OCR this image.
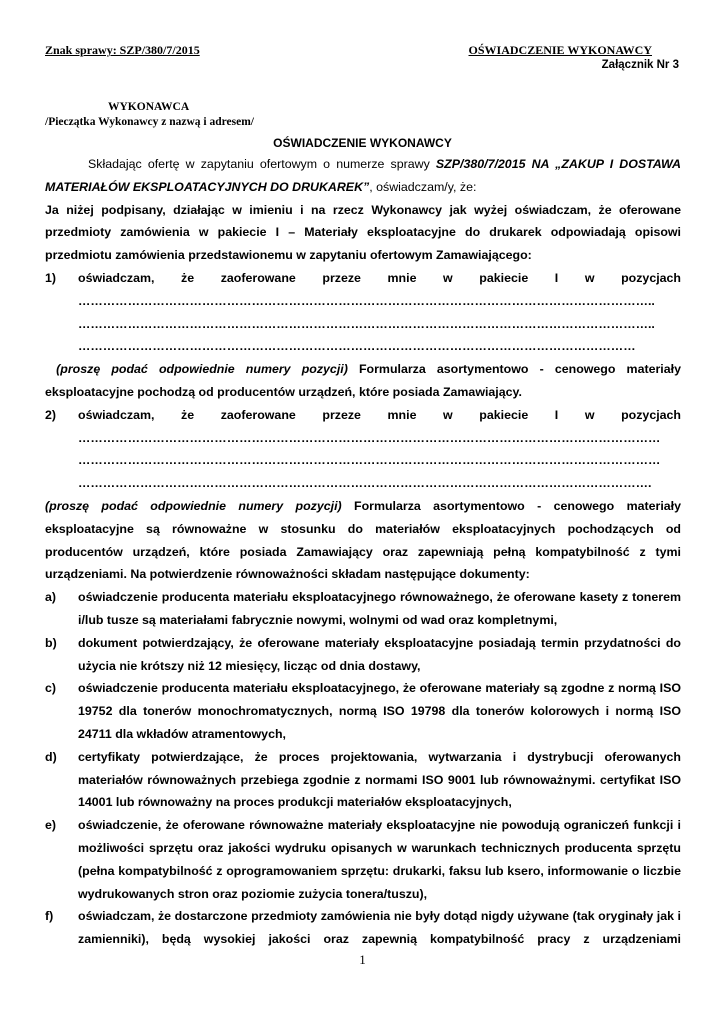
Znak sprawy: SZP/380/7/2015	OŚWIADCZENIE WYKONAWCY
Załącznik Nr 3
WYKONAWCA
/Pieczątka Wykonawcy z nazwą i adresem/
OŚWIADCZENIE WYKONAWCY

Składając ofertę w zapytaniu ofertowym o numerze sprawy SZP/380/7/2015 NA „ZAKUP I DOSTAWA MATERIAŁÓW EKSPLOATACYJNYCH DO DRUKAREK”, oświadczam/y, że:

Ja niżej podpisany, działając w imieniu i na rzecz Wykonawcy jak wyżej oświadczam, że oferowane przedmioty zamówienia w pakiecie I – Materiały eksploatacyjne do drukarek odpowiadają opisowi przedmiotu zamówienia przedstawionemu w zapytaniu ofertowym Zamawiającego:

1)	oświadczam, że zaoferowane przeze mnie w pakiecie I w pozycjach
…………………………………………………………………………………………………………………………..
…………………………………………………………………………………………………………………………..
………………………………………………………………………………………………………………………

(proszę podać odpowiednie numery pozycji) Formularza asortymentowo - cenowego materiały eksploatacyjne pochodzą od producentów urządzeń, które posiada Zamawiający.

2)	oświadczam, że zaoferowane przeze mnie w pakiecie I w pozycjach
……………………………………………………………………………………………………………………………
……………………………………………………………………………………………………………………………
………………………………………………………………………………………………………………………….

(proszę podać odpowiednie numery pozycji) Formularza asortymentowo - cenowego materiały eksploatacyjne są równoważne w stosunku do materiałów eksploatacyjnych pochodzących od producentów urządzeń, które posiada Zamawiający oraz zapewniają pełną kompatybilność z tymi urządzeniami. Na potwierdzenie równoważności składam następujące dokumenty:

a)	oświadczenie producenta materiału eksploatacyjnego równoważnego, że oferowane kasety z tonerem i/lub tusze są materiałami fabrycznie nowymi, wolnymi od wad oraz kompletnymi,
b)	dokument potwierdzający, że oferowane materiały eksploatacyjne posiadają termin przydatności do użycia nie krótszy niż 12 miesięcy, licząc od dnia dostawy,
c)	oświadczenie producenta materiału eksploatacyjnego, że oferowane materiały są zgodne z normą ISO 19752 dla tonerów monochromatycznych, normą ISO 19798 dla tonerów kolorowych i normą ISO 24711 dla wkładów atramentowych,
d)	certyfikaty potwierdzające, że proces projektowania, wytwarzania i dystrybucji oferowanych materiałów równoważnych przebiega zgodnie z normami ISO 9001 lub równoważnymi. certyfikat ISO 14001 lub równoważny na proces produkcji materiałów eksploatacyjnych,
e)	oświadczenie, że oferowane równoważne materiały eksploatacyjne nie powodują ograniczeń funkcji i możliwości sprzętu oraz jakości wydruku opisanych w warunkach technicznych producenta sprzętu (pełna kompatybilność z oprogramowaniem sprzętu: drukarki, faksu lub ksero, informowanie o liczbie wydrukowanych stron oraz poziomie zużycia tonera/tuszu),
f)	oświadczam, że dostarczone przedmioty zamówienia nie były dotąd nigdy używane (tak oryginały jak i zamienniki), będą wysokiej jakości oraz zapewnią kompatybilność pracy z urządzeniami
1
